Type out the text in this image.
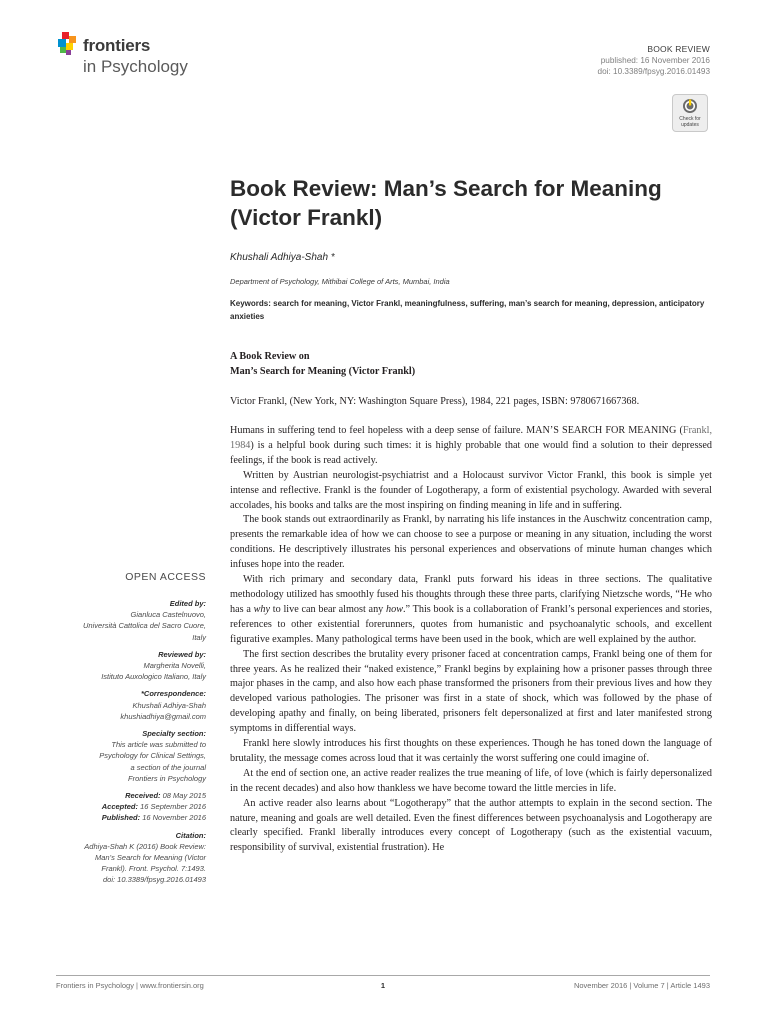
frontiers
in Psychology
BOOK REVIEW
published: 16 November 2016
doi: 10.3389/fpsyg.2016.01493
Check for
updates
Book Review: Man’s Search for Meaning (Victor Frankl)
Khushali Adhiya-Shah *
Department of Psychology, Mithibai College of Arts, Mumbai, India
Keywords: search for meaning, Victor Frankl, meaningfulness, suffering, man’s search for meaning, depression, anticipatory anxieties
A Book Review on
Man’s Search for Meaning (Victor Frankl)
Victor Frankl, (New York, NY: Washington Square Press), 1984, 221 pages, ISBN: 9780671667368.

Humans in suffering tend to feel hopeless with a deep sense of failure. MAN’S SEARCH FOR MEANING (Frankl, 1984) is a helpful book during such times: it is highly probable that one would find a solution to their depressed feelings, if the book is read actively.

Written by Austrian neurologist-psychiatrist and a Holocaust survivor Victor Frankl, this book is simple yet intense and reflective. Frankl is the founder of Logotherapy, a form of existential psychology. Awarded with several accolades, his books and talks are the most inspiring on finding meaning in life and in suffering.

The book stands out extraordinarily as Frankl, by narrating his life instances in the Auschwitz concentration camp, presents the remarkable idea of how we can choose to see a purpose or meaning in any situation, including the worst conditions. He descriptively illustrates his personal experiences and observations of minute human changes which infuses hope into the reader.

With rich primary and secondary data, Frankl puts forward his ideas in three sections. The qualitative methodology utilized has smoothly fused his thoughts through these three parts, clarifying Nietzsche words, “He who has a why to live can bear almost any how.” This book is a collaboration of Frankl’s personal experiences and stories, references to other existential forerunners, quotes from humanistic and psychoanalytic schools, and excellent figurative examples. Many pathological terms have been used in the book, which are well explained by the author.

The first section describes the brutality every prisoner faced at concentration camps, Frankl being one of them for three years. As he realized their “naked existence,” Frankl begins by explaining how a prisoner passes through three major phases in the camp, and also how each phase transformed the prisoners from their previous lives and how they developed various pathologies. The prisoner was first in a state of shock, which was followed by the phase of developing apathy and finally, on being liberated, prisoners felt depersonalized at first and later manifested strong symptoms in differential ways.

Frankl here slowly introduces his first thoughts on these experiences. Though he has toned down the language of brutality, the message comes across loud that it was certainly the worst suffering one could imagine of.

At the end of section one, an active reader realizes the true meaning of life, of love (which is fairly depersonalized in the recent decades) and also how thankless we have become toward the little mercies in life.

An active reader also learns about “Logotherapy” that the author attempts to explain in the second section. The nature, meaning and goals are well detailed. Even the finest differences between psychoanalysis and Logotherapy are clearly specified. Frankl liberally introduces every concept of Logotherapy (such as the existential vacuum, responsibility of survival, existential frustration). He

OPEN ACCESS
Edited by:
Gianluca Castelnuovo,
Università Cattolica del Sacro Cuore,
Italy
Reviewed by:
Margherita Novelli,
Istituto Auxologico Italiano, Italy
*Correspondence:
Khushali Adhiya-Shah
khushiadhiya@gmail.com
Specialty section:
This article was submitted to
Psychology for Clinical Settings,
a section of the journal
Frontiers in Psychology
Received: 08 May 2015
Accepted: 16 September 2016
Published: 16 November 2016
Citation:
Adhiya-Shah K (2016) Book Review:
Man’s Search for Meaning (Victor
Frankl). Front. Psychol. 7:1493.
doi: 10.3389/fpsyg.2016.01493
Frontiers in Psychology | www.frontiersin.org	1	November 2016 | Volume 7 | Article 1493
